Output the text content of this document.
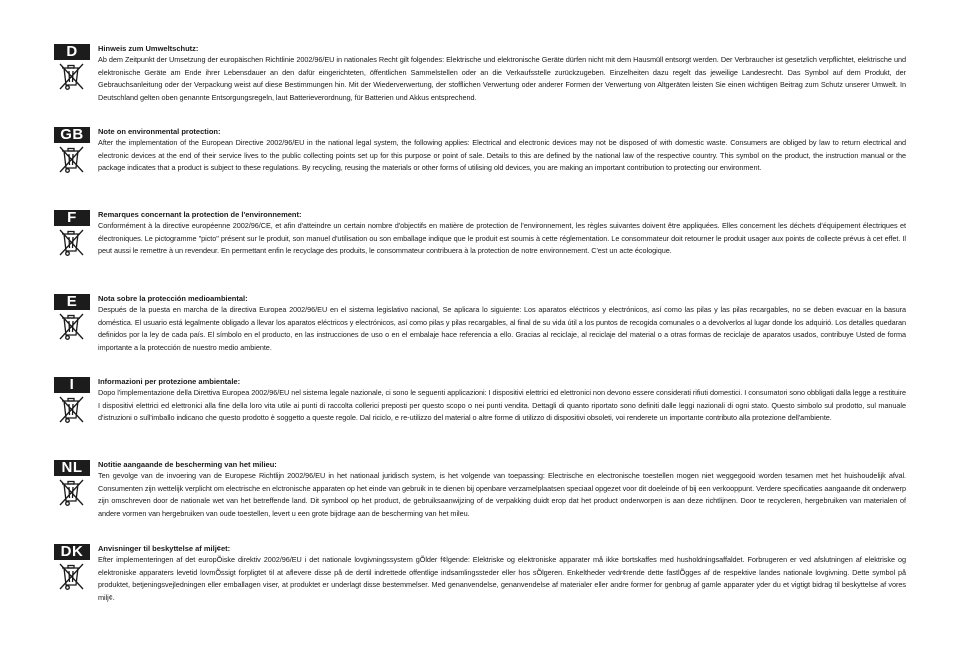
D	Hinweis zum Umweltschutz:

Ab dem Zeitpunkt der Umsetzung der europäischen Richtlinie 2002/96/EU in nationales Recht gilt folgendes: Elektrische und elektronische Geräte dürfen nicht mit dem Hausmüll entsorgt werden. Der Verbraucher ist gesetzlich verpflichtet, elektrische und elektronische Geräte am Ende ihrer Lebensdauer an den dafür eingerichteten, öffentlichen Sammelstellen oder an die Verkaufsstelle zurückzugeben. Einzelheiten dazu regelt das jeweilige Landesrecht. Das Symbol auf dem Produkt, der Gebrauchsanleitung oder der Verpackung weist auf diese Bestimmungen hin. Mit der Wiederverwertung, der stofflichen Verwertung oder anderer Formen der Verwertung von Altgeräten leisten Sie einen wichtigen Beitrag zum Schutz unserer Umwelt. In Deutschland gelten oben genannte Entsorgungsregeln, laut Batterieverordnung, für Batterien und Akkus entsprechend.

GB	Note on environmental protection:

After the implementation of the European Directive 2002/96/EU in the national legal system, the following applies: Electrical and electronic devices may not be disposed of with domestic waste. Consumers are obliged by law to return electrical and electronic devices at the end of their service lives to the public collecting points set up for this purpose or point of sale. Details to this are defined by the national law of the respective country. This symbol on the product, the instruction manual or the package indicates that a product is subject to these regulations. By recycling, reusing the materials or other forms of utilising old devices, you are making an important contribution to protecting our environment.

F	Remarques concernant la protection de l'environnement:

Conformément à la directive européenne 2002/96/CE, et afin d'atteindre un certain nombre d'objectifs en matière de protection de l'environnement, les règles suivantes doivent être appliquées. Elles concernent les déchets d'équipement électriques et électroniques. Le pictogramme "picto" présent sur le produit, son manuel d'utilisation ou son emballage indique que le produit est soumis à cette réglementation. Le consommateur doit retourner le produit usager aux points de collecte prévus à cet effet. Il peut aussi le remettre à un revendeur. En permettant enfin le recyclage des produits, le consommateur contribuera à la protection de notre environnement. C'est un acte écologique.

E	Nota sobre la protección medioambiental:

Después de la puesta en marcha de la directiva Europea 2002/96/EU en el sistema legislativo nacional, Se aplicara lo siguiente: Los aparatos eléctricos y electrónicos, así como las pilas y las pilas recargables, no se deben evacuar en la basura doméstica. El usuario está legalmente obligado a llevar los aparatos eléctricos y electrónicos, así como pilas y pilas recargables, al final de su vida útil a los puntos de recogida comunales o a devolverlos al lugar donde los adquirió. Los detalles quedaran definidos por la ley de cada país. El símbolo en el producto, en las instrucciones de uso o en el embalaje hace referencia a ello. Gracias al reciclaje, al reciclaje del material o a otras formas de reciclaje de aparatos usados, contribuye Usted de forma importante a la protección de nuestro medio ambiente.

I	Informazioni per protezione ambientale:

Dopo l'implementazione della Direttiva Europea 2002/96/EU nel sistema legale nazionale, ci sono le seguenti applicazioni: I dispositivi elettrici ed elettronici non devono essere considerati rifiuti domestici. I consumatori sono obbligati dalla legge a restituire I dispositivi elettrici ed elettronici alla fine della loro vita utile ai punti di raccolta collerici preposti per questo scopo o nei punti vendita. Dettagli di quanto riportato sono definiti dalle leggi nazionali di ogni stato. Questo simbolo sul prodotto, sul manuale d'istruzioni o sull'imballo indicano che questo prodotto è soggetto a queste regole. Dal riciclo, e re-utilizzo del material o altre forme di utilizzo di dispositivi obsoleti, voi renderete un importante contributo alla protezione dell'ambiente.

NL	Notitie aangaande de bescherming van het milieu:

Ten gevolge van de invoering van de Europese Richtlijn 2002/96/EU in het nationaal juridisch system, is het volgende van toepassing: Electrische en electronische toestellen mogen niet weggegooid worden tesamen met het huishoudelijk afval. Consumenten zijn wettelijk verplicht om electrische en elctronische apparaten op het einde van gebruik in te dienen bij openbare verzamelplaatsen speciaal opgezet voor dit doeleinde of bij een verkooppunt. Verdere specificaties aangaande dit onderwerp zijn omschreven door de nationale wet van het betreffende land. Dit symbool op het product, de gebruiksaanwijzing of de verpakking duidt erop dat het product onderworpen is aan deze richtlijnen. Door te recycleren, hergebruiken van materialen of andere vormen van hergebruiken van oude toestellen, levert u een grote bijdrage aan de bescherming van het mileu.

DK	Anvisninger til beskyttelse af milj¢et:

Efter implementeringen af det europÕiske direktiv 2002/96/EU i det nationale lovgivningssystem gÕlder f¢lgende: Elektriske og elektroniske apparater må ikke bortskaffes med husholdningsaffaldet. Forbrugeren er ved afslutningen af elektriske og elektroniske apparaters levetid lovmÕssigt forpligtet til at aflevere disse på de dertil indrettede offentlige indsamlingssteder eller hos sÕlgeren. Enkeltheder vedr¢rende dette fastlÕgges af de respektive landes nationale lovgivning. Dette symbol på produktet, betjeningsvejledningen eller emballagen viser, at produktet er underlagt disse bestemmelser. Med genanvendelse, genanvendelse af materialer eller andre former for genbrug af gamle apparater yder du et vigtigt bidrag til beskyttelse af vores milj¢.
